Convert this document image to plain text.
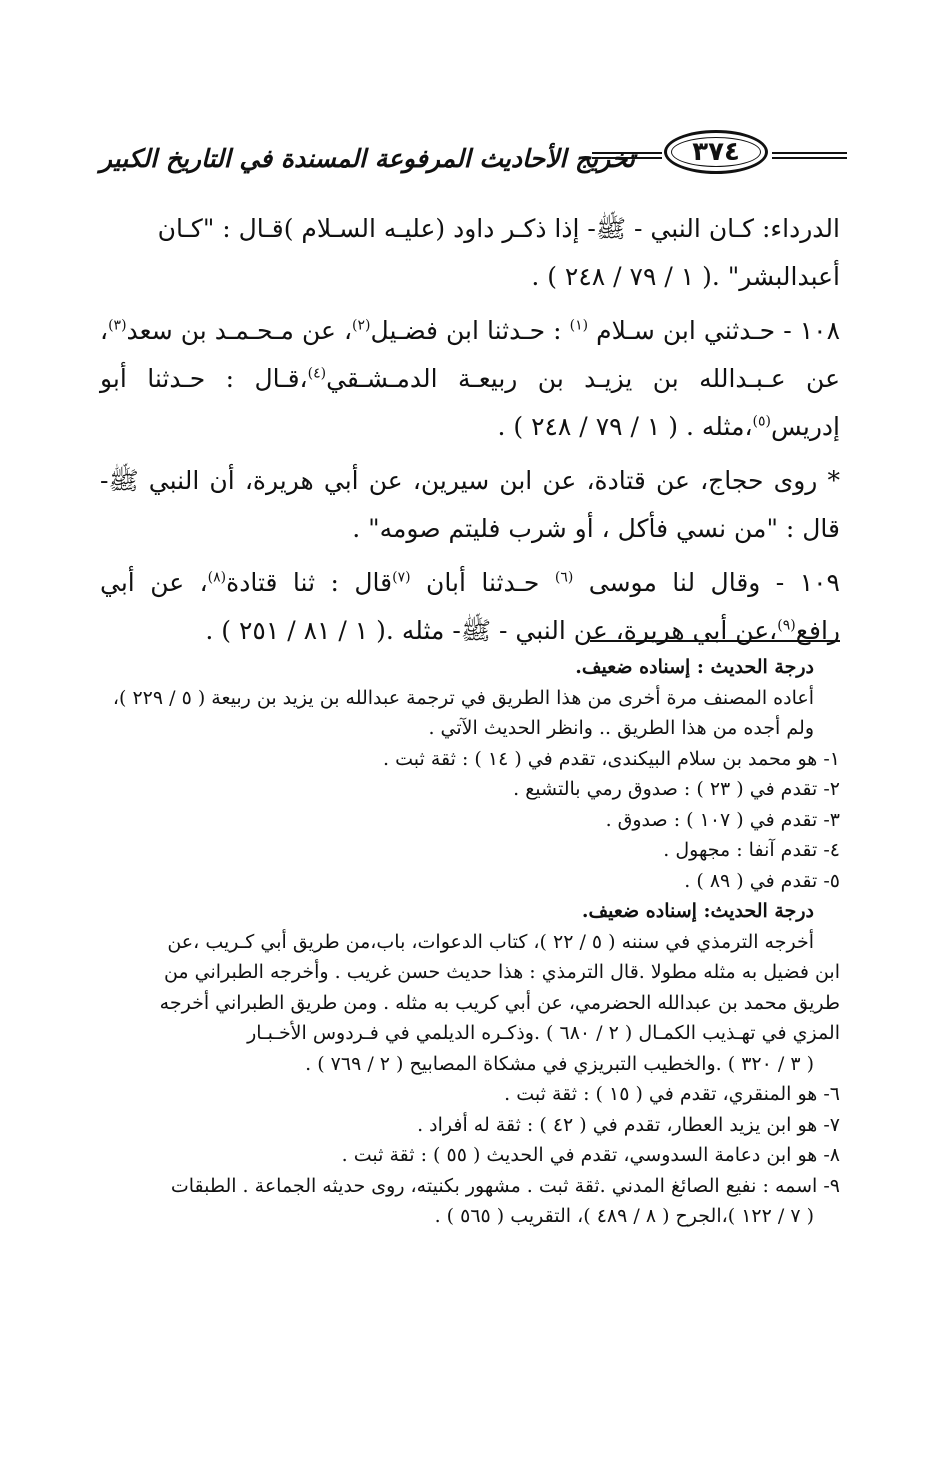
تخريج الأحاديث المرفوعة المسندة في التاريخ الكبير ٣٧٤

الدرداء: كـان النبي - ﷺ- إذا ذكـر داود (عليـه السـلام )قـال : "كـان
أعبدالبشر" .( ١ / ٧٩ / ٢٤٨ ) .

١٠٨ - حـدثني ابن سـلام $^{(١)}$ : حـدثنا ابن فضـيل$^{(٢)}$، عن مـحـمـد بن سعد$^{(٣)}$، عن عـبـدالله بن يزيـد بن ربيعـة الدمـشـقي$^{(٤)}$،قـال : حـدثنا أبو إدريس$^{(٥)}$،مثله . ( ١ / ٧٩ / ٢٤٨ ) .

* روى حجاج، عن قتادة، عن ابن سيرين، عن أبي هريرة، أن النبي ﷺ- قال : "من نسي فأكل ، أو شرب فليتم صومه" .

١٠٩ - وقال لنا موسى $^{(٦)}$ حـدثنا أبان $^{(٧)}$قال : ثنا قتادة$^{(٨)}$، عن أبي رافع$^{(٩)}$،عن أبي هريرة، عن النبي - ﷺ- مثله .( ١ / ٨١ / ٢٥١ ) .

درجة الحديث : إسناده ضعيف.
أعاده المصنف مرة أخرى من هذا الطريق في ترجمة عبدالله بن يزيد بن ربيعة ( ٥ / ٢٢٩ )،
ولم أجده من هذا الطريق .. وانظر الحديث الآتي .
١- هو محمد بن سلام البيكندى، تقدم في ( ١٤ ) : ثقة ثبت .
٢- تقدم في ( ٢٣ ) : صدوق رمي بالتشيع .
٣- تقدم في ( ١٠٧ ) : صدوق .
٤- تقدم آنفا : مجهول .
٥- تقدم في ( ٨٩ ) .
درجة الحديث: إسناده ضعيف.
أخرجه الترمذي في سننه ( ٥ / ٢٢ )، كتاب الدعوات، باب،من طريق أبي كـريب ،عن
ابن فضيل به مثله مطولا .قال الترمذي : هذا حديث حسن غريب . وأخرجه الطبراني من
طريق محمد بن عبدالله الحضرمي، عن أبي كريب به مثله . ومن طريق الطبراني أخرجه
المزي في تهـذيب الكمـال ( ٢ / ٦٨٠ ) .وذكـره الديلمي في فـردوس الأخـبـار
( ٣ / ٣٢٠ ) .والخطيب التبريزي في مشكاة المصابيح ( ٢ / ٧٦٩ ) .
٦- هو المنقري، تقدم في ( ١٥ ) : ثقة ثبت .
٧- هو ابن يزيد العطار، تقدم في ( ٤٢ ) : ثقة له أفراد .
٨- هو ابن دعامة السدوسي، تقدم في الحديث ( ٥٥ ) : ثقة ثبت .
٩- اسمه : نفيع الصائغ المدني .ثقة ثبت . مشهور بكنيته، روى حديثه الجماعة . الطبقات
( ٧ / ١٢٢ )،الجرح ( ٨ / ٤٨٩ )، التقريب ( ٥٦٥ ) .
